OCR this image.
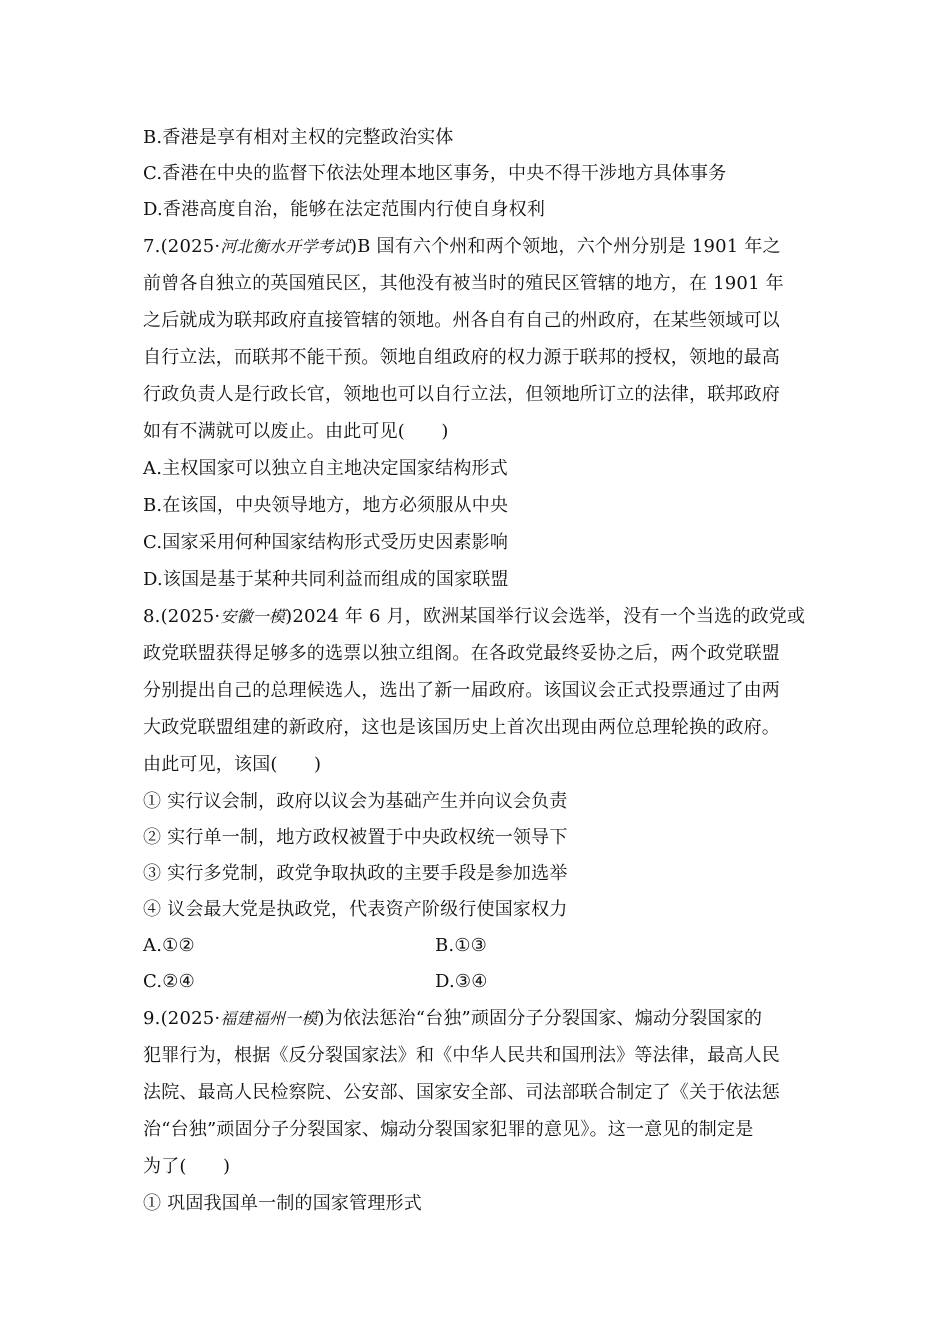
B.香港是享有相对主权的完整政治实体
C.香港在中央的监督下依法处理本地区事务，中央不得干涉地方具体事务
D.香港高度自治，能够在法定范围内行使自身权利
7.(2025·河北衡水开学考试)B 国有六个州和两个领地，六个州分别是 1901 年之
前曾各自独立的英国殖民区，其他没有被当时的殖民区管辖的地方，在 1901 年
之后就成为联邦政府直接管辖的领地。州各自有自己的州政府，在某些领域可以
自行立法，而联邦不能干预。领地自组政府的权力源于联邦的授权，领地的最高
行政负责人是行政长官，领地也可以自行立法，但领地所订立的法律，联邦政府
如有不满就可以废止。由此可见(　　)
A.主权国家可以独立自主地决定国家结构形式
B.在该国，中央领导地方，地方必须服从中央
C.国家采用何种国家结构形式受历史因素影响
D.该国是基于某种共同利益而组成的国家联盟
8.(2025·安徽一模)2024 年 6 月，欧洲某国举行议会选举，没有一个当选的政党或
政党联盟获得足够多的选票以独立组阁。在各政党最终妥协之后，两个政党联盟
分别提出自己的总理候选人，选出了新一届政府。该国议会正式投票通过了由两
大政党联盟组建的新政府，这也是该国历史上首次出现由两位总理轮换的政府。
由此可见，该国(　　)
① 实行议会制，政府以议会为基础产生并向议会负责
② 实行单一制，地方政权被置于中央政权统一领导下
③ 实行多党制，政党争取执政的主要手段是参加选举
④ 议会最大党是执政党，代表资产阶级行使国家权力
A.①②	B.①③
C.②④	D.③④
9.(2025·福建福州一模)为依法惩治“台独”顽固分子分裂国家、煽动分裂国家的
犯罪行为，根据《反分裂国家法》和《中华人民共和国刑法》等法律，最高人民
法院、最高人民检察院、公安部、国家安全部、司法部联合制定了《关于依法惩
治“台独”顽固分子分裂国家、煽动分裂国家犯罪的意见》。这一意见的制定是
为了(　　)
① 巩固我国单一制的国家管理形式
